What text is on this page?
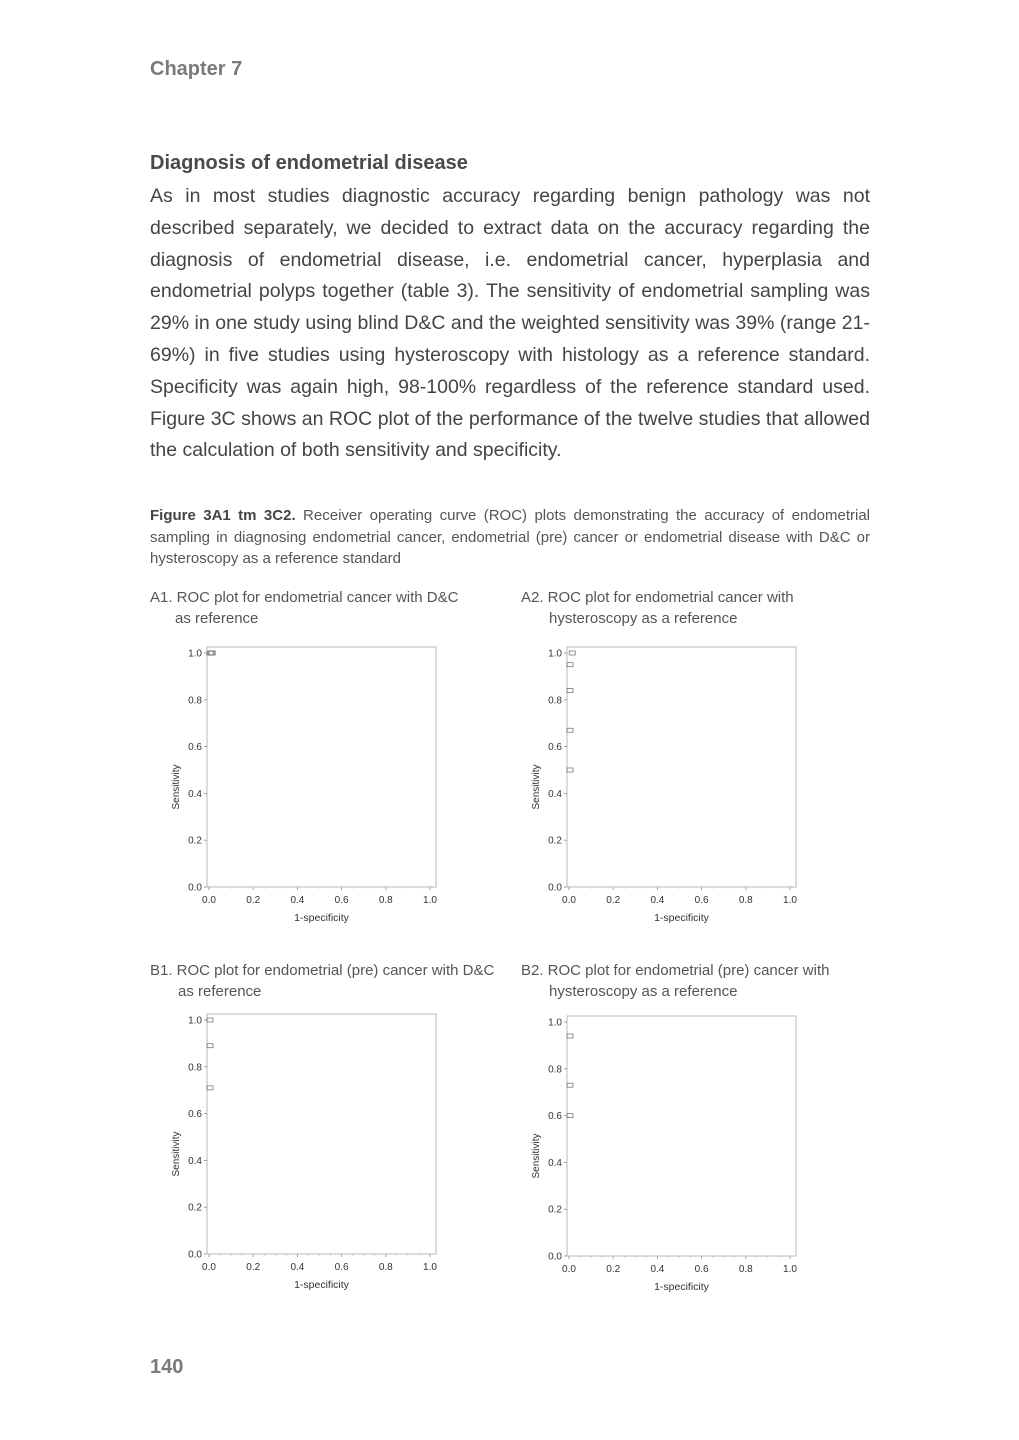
Chapter 7
Diagnosis of endometrial disease
As in most studies diagnostic accuracy regarding benign pathology was not described separately, we decided to extract data on the accuracy regarding the diagnosis of endometrial disease, i.e. endometrial cancer, hyperplasia and endometrial polyps together (table 3). The sensitivity of endometrial sampling was 29% in one study using blind D&C and the weighted sensitivity was 39% (range 21-69%) in five studies using hysteroscopy with histology as a reference standard. Specificity was again high, 98-100% regardless of the reference standard used. Figure 3C shows an ROC plot of the performance of the twelve studies that allowed the calculation of both sensitivity and specificity.
Figure 3A1 tm 3C2. Receiver operating curve (ROC) plots demonstrating the accuracy of endometrial sampling in diagnosing endometrial cancer, endometrial (pre) cancer or endometrial disease with D&C or hysteroscopy as a reference standard
A1. ROC plot for endometrial cancer with D&C
as reference
0.0
0.2
0.4
0.6
0.8
1.0
0.0	0.2	0.4	0.6	0.8	1.0
1-specificity
Sensitivity
A2. ROC plot for endometrial cancer with
hysteroscopy as a reference
0.0
0.2
0.4
0.6
0.8
1.0
0.0	0.2	0.4	0.6	0.8	1.0
1-specificity
Sensitivity
B1. ROC plot for endometrial (pre) cancer with D&C
as reference
0.0
0.2
0.4
0.6
0.8
1.0
0.0	0.2	0.4	0.6	0.8	1.0
1-specificity
Sensitivity
B2. ROC plot for endometrial (pre) cancer with
hysteroscopy as a reference
0.0
0.2
0.4
0.6
0.8
1.0
0.0	0.2	0.4	0.6	0.8	1.0
1-specificity
Sensitivity
140
